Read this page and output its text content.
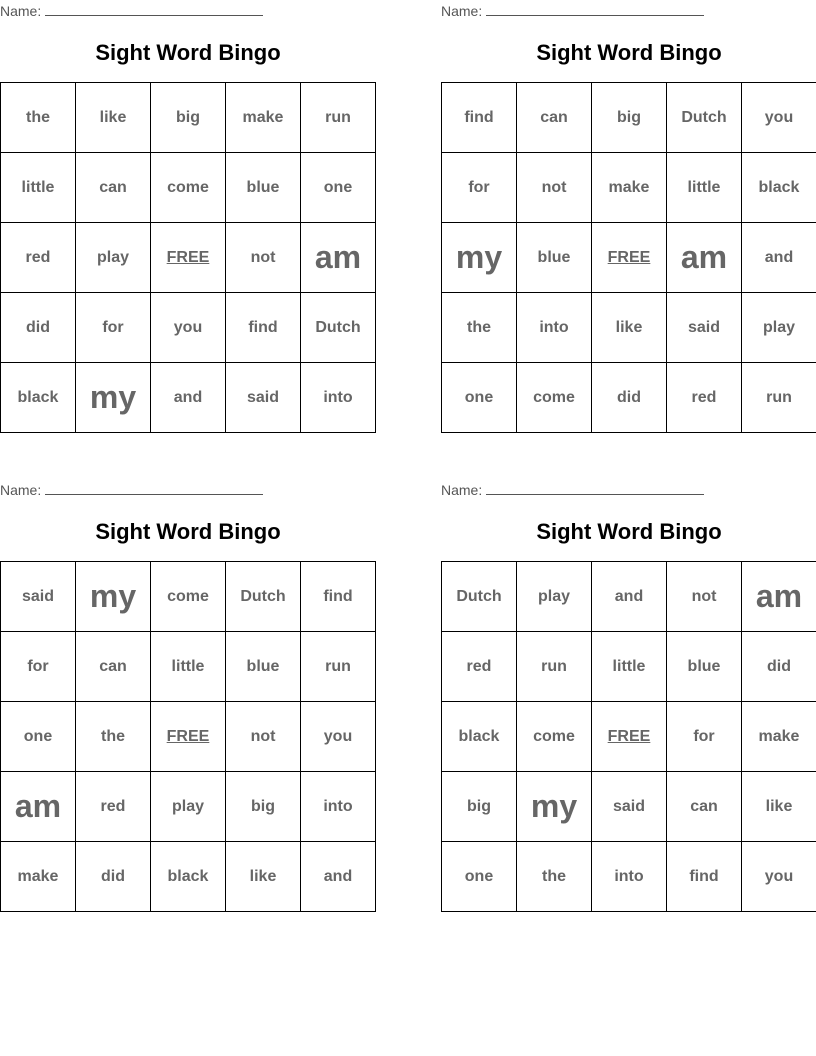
Name:
Sight Word Bingo
the	like	big	make	run
little	can	come	blue	one
red	play	FREE	not	am
did	for	you	find	Dutch
black	my	and	said	into
Name:
Sight Word Bingo
find	can	big	Dutch	you
for	not	make	little	black
my	blue	FREE	am	and
the	into	like	said	play
one	come	did	red	run
Name:
Sight Word Bingo
said	my	come	Dutch	find
for	can	little	blue	run
one	the	FREE	not	you
am	red	play	big	into
make	did	black	like	and
Name:
Sight Word Bingo
Dutch	play	and	not	am
red	run	little	blue	did
black	come	FREE	for	make
big	my	said	can	like
one	the	into	find	you
